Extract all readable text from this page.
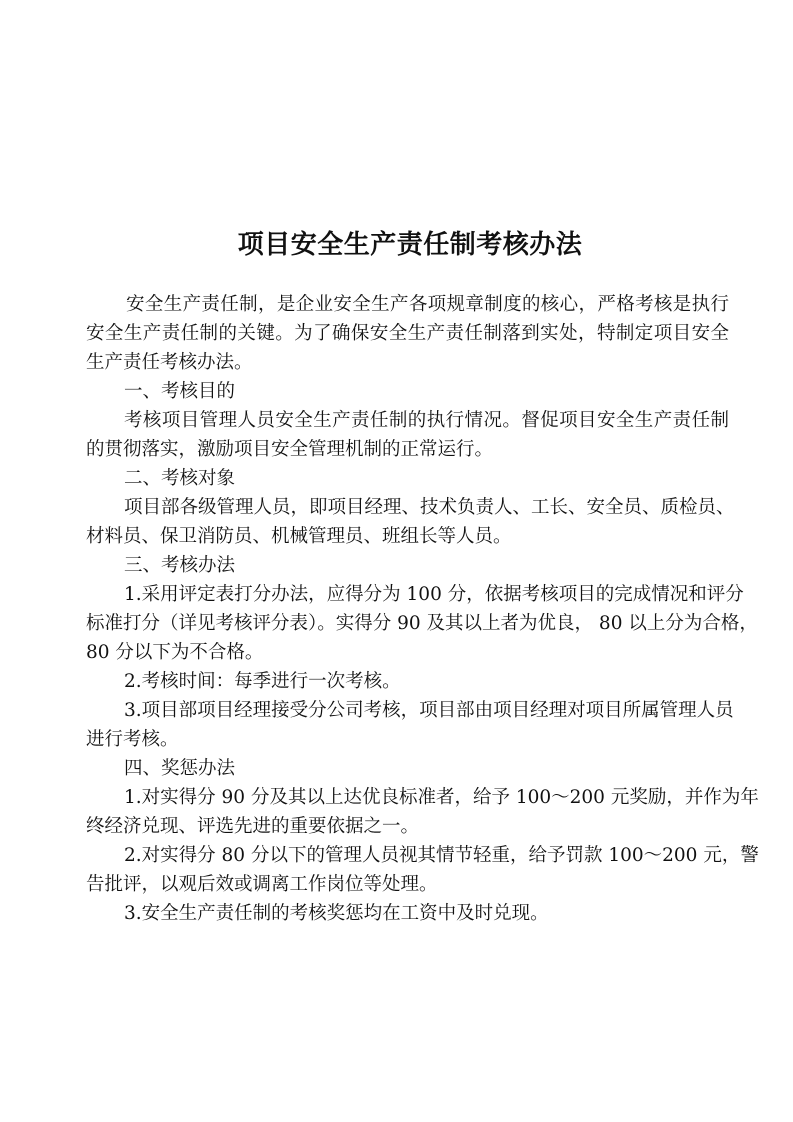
项目安全生产责任制考核办法
安全生产责任制，是企业安全生产各项规章制度的核心，严格考核是执行
安全生产责任制的关键。为了确保安全生产责任制落到实处，特制定项目安全
生产责任考核办法。
一、考核目的
考核项目管理人员安全生产责任制的执行情况。督促项目安全生产责任制
的贯彻落实，激励项目安全管理机制的正常运行。
二、考核对象
项目部各级管理人员，即项目经理、技术负责人、工长、安全员、质检员、
材料员、保卫消防员、机械管理员、班组长等人员。
三、考核办法
1.采用评定表打分办法，应得分为 100 分，依据考核项目的完成情况和评分
标准打分（详见考核评分表）。实得分 90 及其以上者为优良， 80 以上分为合格，
80 分以下为不合格。
2.考核时间：每季进行一次考核。
3.项目部项目经理接受分公司考核，项目部由项目经理对项目所属管理人员
进行考核。
四、奖惩办法
1.对实得分 90 分及其以上达优良标准者，给予 100～200 元奖励，并作为年
终经济兑现、评选先进的重要依据之一。
2.对实得分 80 分以下的管理人员视其情节轻重，给予罚款 100～200 元，警
告批评，以观后效或调离工作岗位等处理。
3.安全生产责任制的考核奖惩均在工资中及时兑现。
